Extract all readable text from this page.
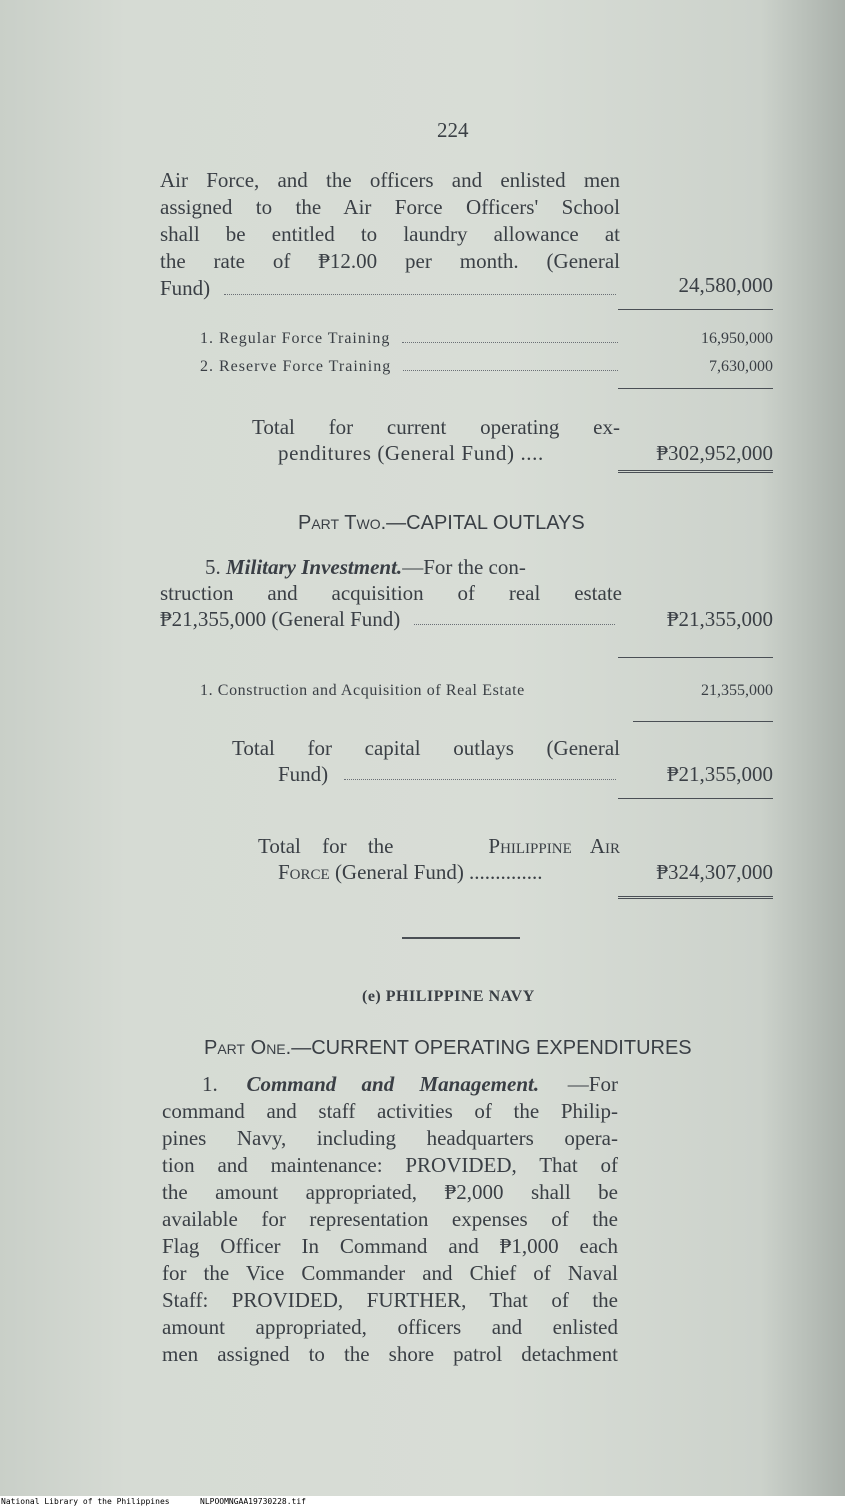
224
Air Force, and the officers and enlisted men
assigned to the Air Force Officers' School
shall be entitled to laundry allowance at
the rate of ₱12.00 per month. (General
Fund)	24,580,000
1. Regular Force Training	16,950,000
2. Reserve Force Training	7,630,000
Total for current operating ex-
penditures (General Fund) ....	₱302,952,000
Part Two.—CAPITAL OUTLAYS
5. Military Investment.—For the con-
struction and acquisition of real estate
₱21,355,000 (General Fund)	₱21,355,000
1. Construction and Acquisition of Real Estate	21,355,000
Total for capital outlays (General
Fund)	₱21,355,000
Total for the	Philippine Air
Force (General Fund) ..............	₱324,307,000
(e) PHILIPPINE NAVY
Part One.—CURRENT OPERATING EXPENDITURES
1. Command and Management. —For
command and staff activities of the Philip-
pines Navy, including headquarters opera-
tion and maintenance: PROVIDED, That of
the amount appropriated, ₱2,000 shall be
available for representation expenses of the
Flag Officer In Command and ₱1,000 each
for the Vice Commander and Chief of Naval
Staff: PROVIDED, FURTHER, That of the
amount appropriated, officers and enlisted
men assigned to the shore patrol detachment
National Library of the Philippines	NLPOOMNGAA19730228.tif
